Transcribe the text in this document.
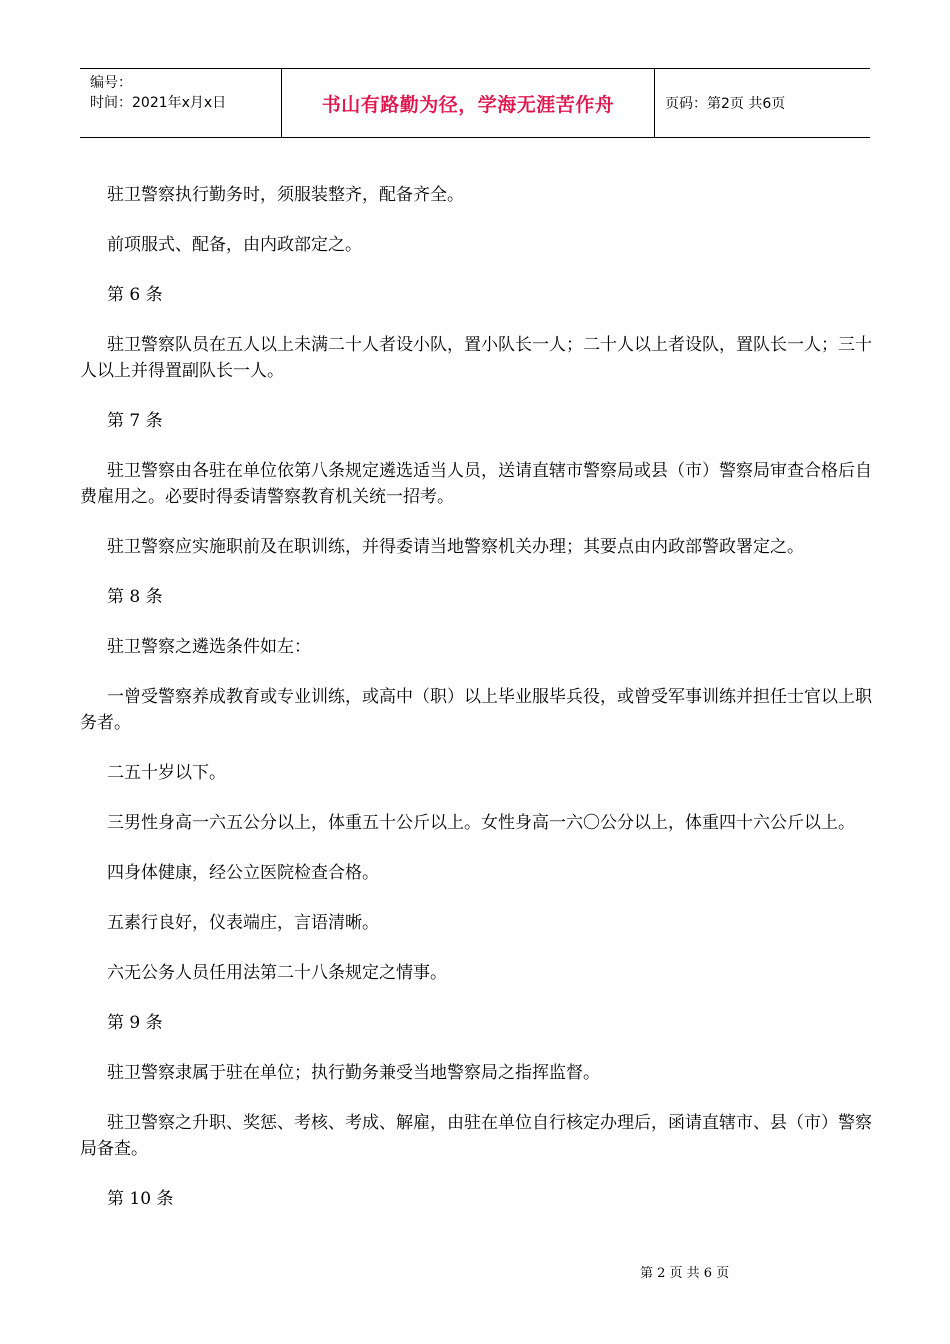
编号：
时间：2021年x月x日	书山有路勤为径，学海无涯苦作舟	页码：第2页 共6页

驻卫警察执行勤务时，须服装整齐，配备齐全。

前项服式、配备，由内政部定之。

第 6 条

驻卫警察队员在五人以上未满二十人者设小队，置小队长一人；二十人以上者设队，置队长一人；三十人以上并得置副队长一人。

第 7 条

驻卫警察由各驻在单位依第八条规定遴选适当人员，送请直辖市警察局或县（市）警察局审查合格后自费雇用之。必要时得委请警察教育机关统一招考。

驻卫警察应实施职前及在职训练，并得委请当地警察机关办理；其要点由内政部警政署定之。

第 8 条

驻卫警察之遴选条件如左：

一曾受警察养成教育或专业训练，或高中（职）以上毕业服毕兵役，或曾受军事训练并担任士官以上职务者。

二五十岁以下。

三男性身高一六五公分以上，体重五十公斤以上。女性身高一六〇公分以上，体重四十六公斤以上。

四身体健康，经公立医院检查合格。

五素行良好，仪表端庄，言语清晰。

六无公务人员任用法第二十八条规定之情事。

第 9 条

驻卫警察隶属于驻在单位；执行勤务兼受当地警察局之指挥监督。

驻卫警察之升职、奖惩、考核、考成、解雇，由驻在单位自行核定办理后，函请直辖市、县（市）警察局备查。

第 10 条

第 2 页 共 6 页
